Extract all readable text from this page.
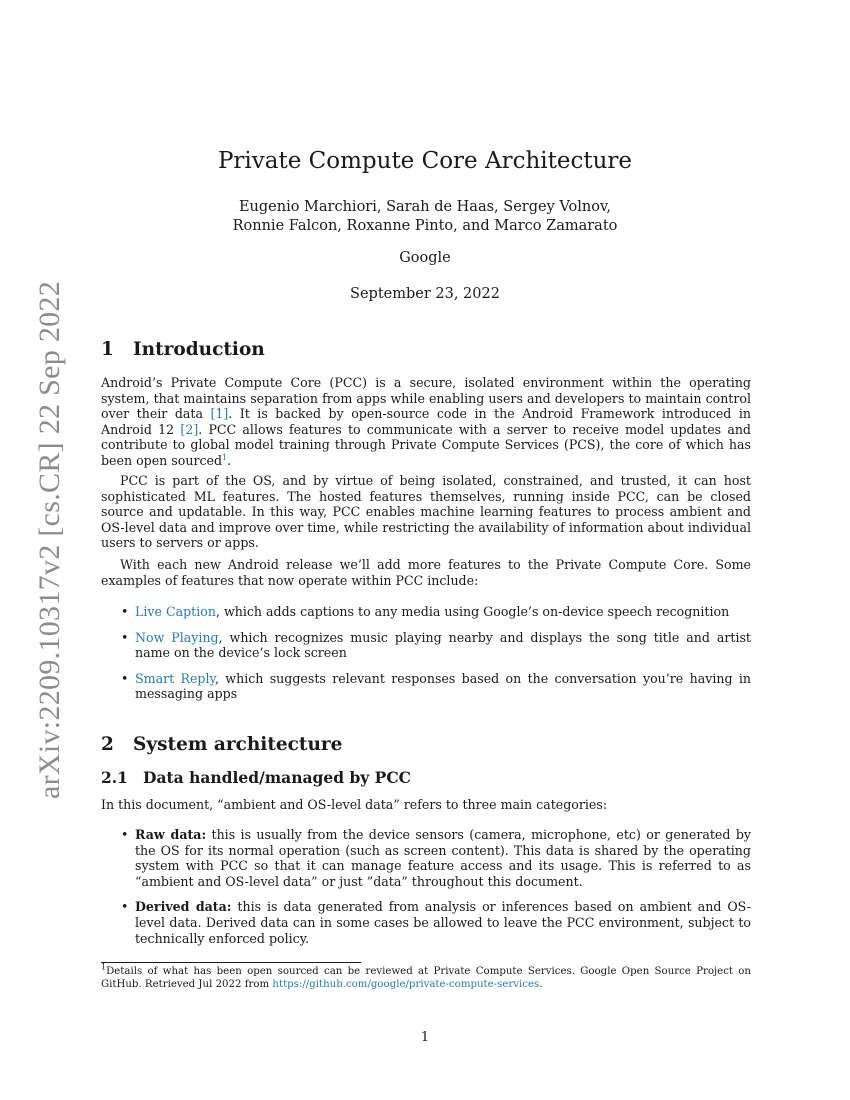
arXiv:2209.10317v2 [cs.CR] 22 Sep 2022
Private Compute Core Architecture
Eugenio Marchiori, Sarah de Haas, Sergey Volnov,
Ronnie Falcon, Roxanne Pinto, and Marco Zamarato
Google
September 23, 2022
1 Introduction

Android’s Private Compute Core (PCC) is a secure, isolated environment within the operating system, that maintains separation from apps while enabling users and developers to maintain control over their data [1]. It is backed by open-source code in the Android Framework introduced in Android 12 [2]. PCC allows features to communicate with a server to receive model updates and contribute to global model training through Private Compute Services (PCS), the core of which has been open sourced$^1$.

PCC is part of the OS, and by virtue of being isolated, constrained, and trusted, it can host sophisticated ML features. The hosted features themselves, running inside PCC, can be closed source and updatable. In this way, PCC enables machine learning features to process ambient and OS-level data and improve over time, while restricting the availability of information about individual users to servers or apps.

With each new Android release we’ll add more features to the Private Compute Core. Some examples of features that now operate within PCC include:

• Live Caption, which adds captions to any media using Google’s on-device speech recognition
• Now Playing, which recognizes music playing nearby and displays the song title and artist name on the device’s lock screen
• Smart Reply, which suggests relevant responses based on the conversation you’re having in messaging apps
2 System architecture
2.1 Data handled/managed by PCC

In this document, “ambient and OS-level data” refers to three main categories:

• Raw data: this is usually from the device sensors (camera, microphone, etc) or generated by the OS for its normal operation (such as screen content). This data is shared by the operating system with PCC so that it can manage feature access and its usage. This is referred to as “ambient and OS-level data” or just ”data” throughout this document.
• Derived data: this is data generated from analysis or inferences based on ambient and OS-level data. Derived data can in some cases be allowed to leave the PCC environment, subject to technically enforced policy.
$^1$Details of what has been open sourced can be reviewed at Private Compute Services. Google Open Source Project on GitHub. Retrieved Jul 2022 from https://github.com/google/private-compute-services.
1
